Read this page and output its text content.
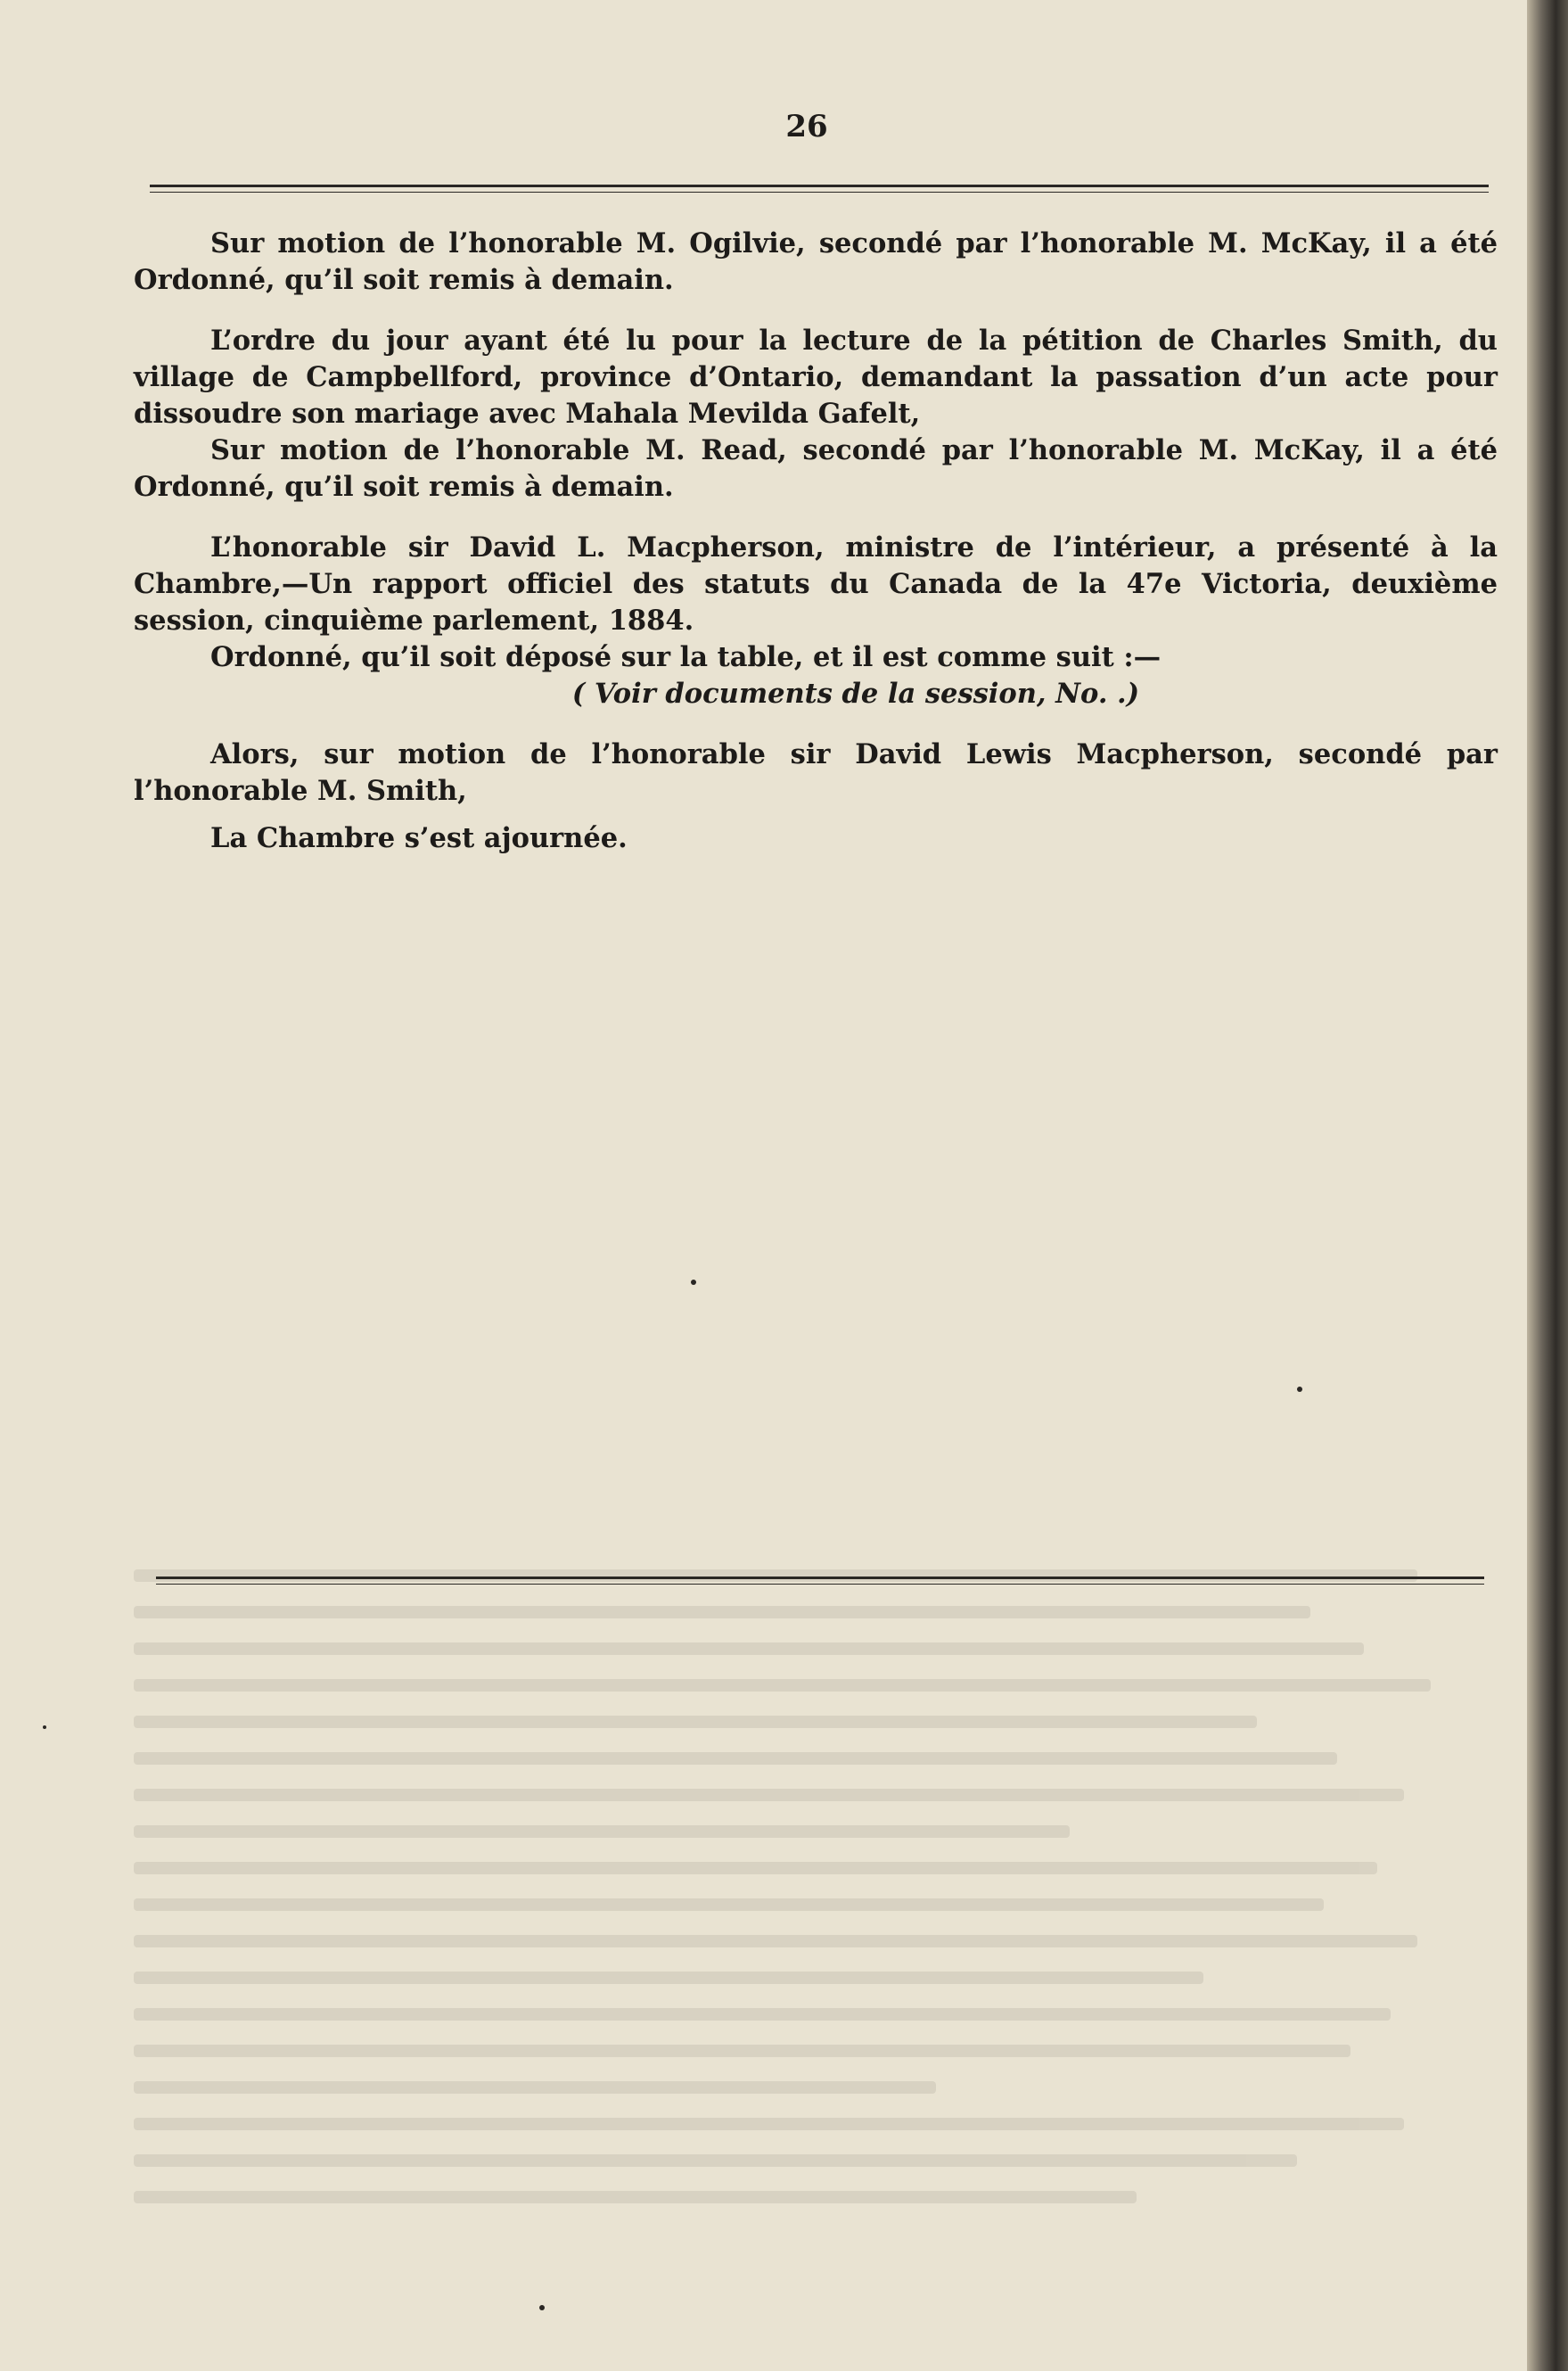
26

Sur motion de l’honorable M. Ogilvie, secondé par l’honorable M. McKay, il a été Ordonné, qu’il soit remis à demain.

L’ordre du jour ayant été lu pour la lecture de la pétition de Charles Smith, du village de Campbellford, province d’Ontario, demandant la passation d’un acte pour dissoudre son mariage avec Mahala Mevilda Gafelt,

Sur motion de l’honorable M. Read, secondé par l’honorable M. McKay, il a été Ordonné, qu’il soit remis à demain.

L’honorable sir David L. Macpherson, ministre de l’intérieur, a présenté à la Chambre,—Un rapport officiel des statuts du Canada de la 47e Victoria, deuxième session, cinquième parlement, 1884.

Ordonné, qu’il soit déposé sur la table, et il est comme suit :—

( Voir documents de la session, No. .)

Alors, sur motion de l’honorable sir David Lewis Macpherson, secondé par l’honorable M. Smith,

La Chambre s’est ajournée.
